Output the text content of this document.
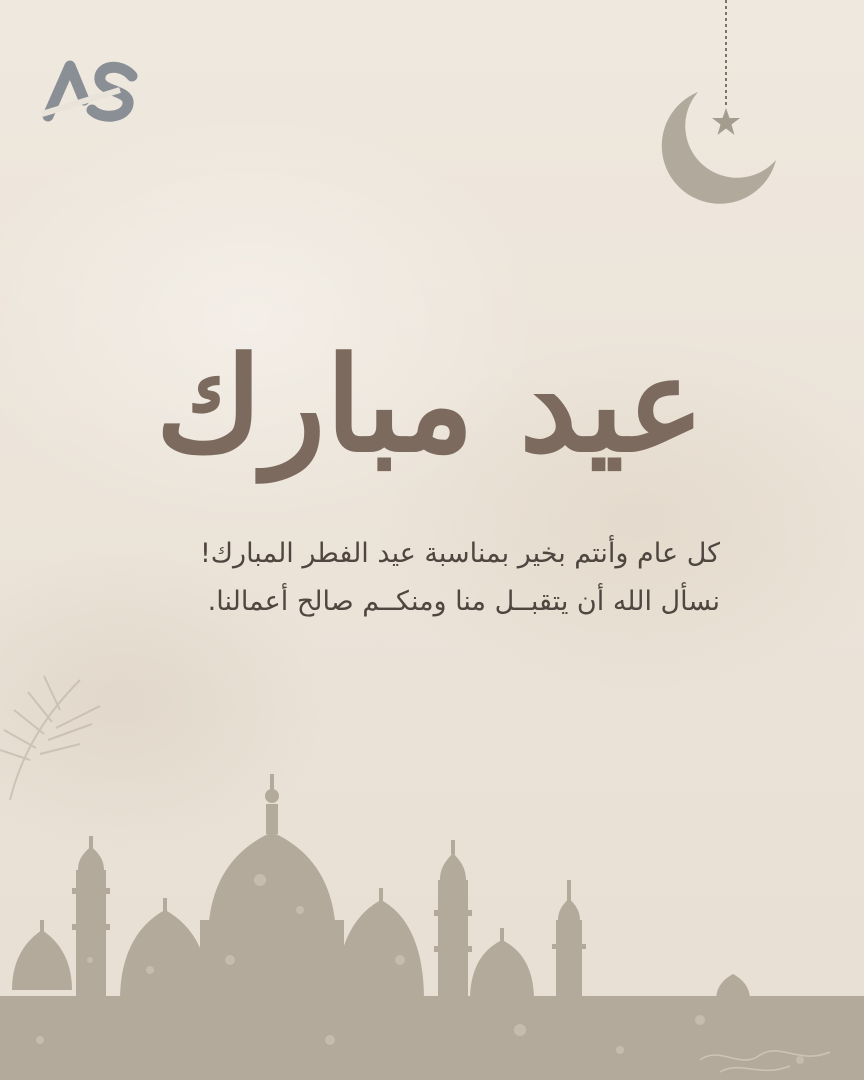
عيد مبارك

كل عام وأنتم بخير بمناسبة عيد الفطر المبارك!

نسأل الله أن يتقبــل منا ومنكــم صالح أعمالنا.
